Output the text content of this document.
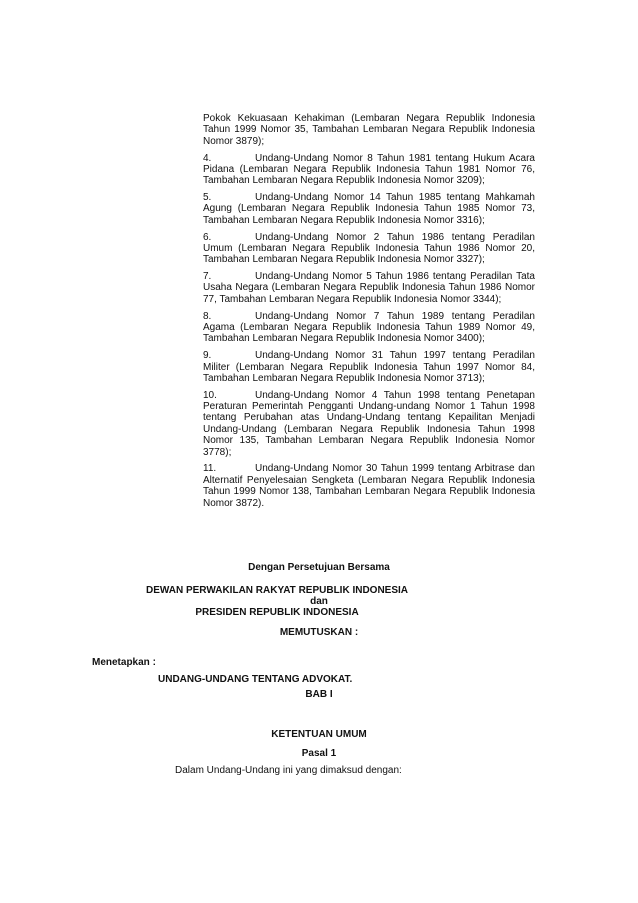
Pokok Kekuasaan Kehakiman (Lembaran Negara Republik Indonesia Tahun 1999 Nomor 35, Tambahan Lembaran Negara Republik Indonesia Nomor 3879);
4.	Undang-Undang Nomor 8 Tahun 1981 tentang Hukum Acara Pidana (Lembaran Negara Republik Indonesia Tahun 1981 Nomor 76, Tambahan Lembaran Negara Republik Indonesia Nomor 3209);
5.	Undang-Undang Nomor 14 Tahun 1985 tentang Mahkamah Agung (Lembaran Negara Republik Indonesia Tahun 1985 Nomor 73, Tambahan Lembaran Negara Republik Indonesia Nomor 3316);
6.	Undang-Undang Nomor 2 Tahun 1986 tentang Peradilan Umum (Lembaran Negara Republik Indonesia Tahun 1986 Nomor 20, Tambahan Lembaran Negara Republik Indonesia Nomor 3327);
7.	Undang-Undang Nomor 5 Tahun 1986 tentang Peradilan Tata Usaha Negara (Lembaran Negara Republik Indonesia Tahun 1986 Nomor 77, Tambahan Lembaran Negara Republik Indonesia Nomor 3344);
8.	Undang-Undang Nomor 7 Tahun 1989 tentang Peradilan Agama (Lembaran Negara Republik Indonesia Tahun 1989 Nomor 49, Tambahan Lembaran Negara Republik Indonesia Nomor 3400);
9.	Undang-Undang Nomor 31 Tahun 1997 tentang Peradilan Militer (Lembaran Negara Republik Indonesia Tahun 1997 Nomor 84, Tambahan Lembaran Negara Republik Indonesia Nomor 3713);
10.	Undang-Undang Nomor 4 Tahun 1998 tentang Penetapan Peraturan Pemerintah Pengganti Undang-undang Nomor 1 Tahun 1998 tentang Perubahan atas Undang-Undang tentang Kepailitan Menjadi Undang-Undang (Lembaran Negara Republik Indonesia Tahun 1998 Nomor 135, Tambahan Lembaran Negara Republik Indonesia Nomor 3778);
11.	Undang-Undang Nomor 30 Tahun 1999 tentang Arbitrase dan Alternatif Penyelesaian Sengketa (Lembaran Negara Republik Indonesia Tahun 1999 Nomor 138, Tambahan Lembaran Negara Republik Indonesia Nomor 3872).
Dengan Persetujuan Bersama
DEWAN PERWAKILAN RAKYAT REPUBLIK INDONESIA
dan
PRESIDEN REPUBLIK INDONESIA
MEMUTUSKAN :
Menetapkan :
UNDANG-UNDANG TENTANG ADVOKAT.
BAB I
KETENTUAN UMUM
Pasal 1
Dalam Undang-Undang ini yang dimaksud dengan:
